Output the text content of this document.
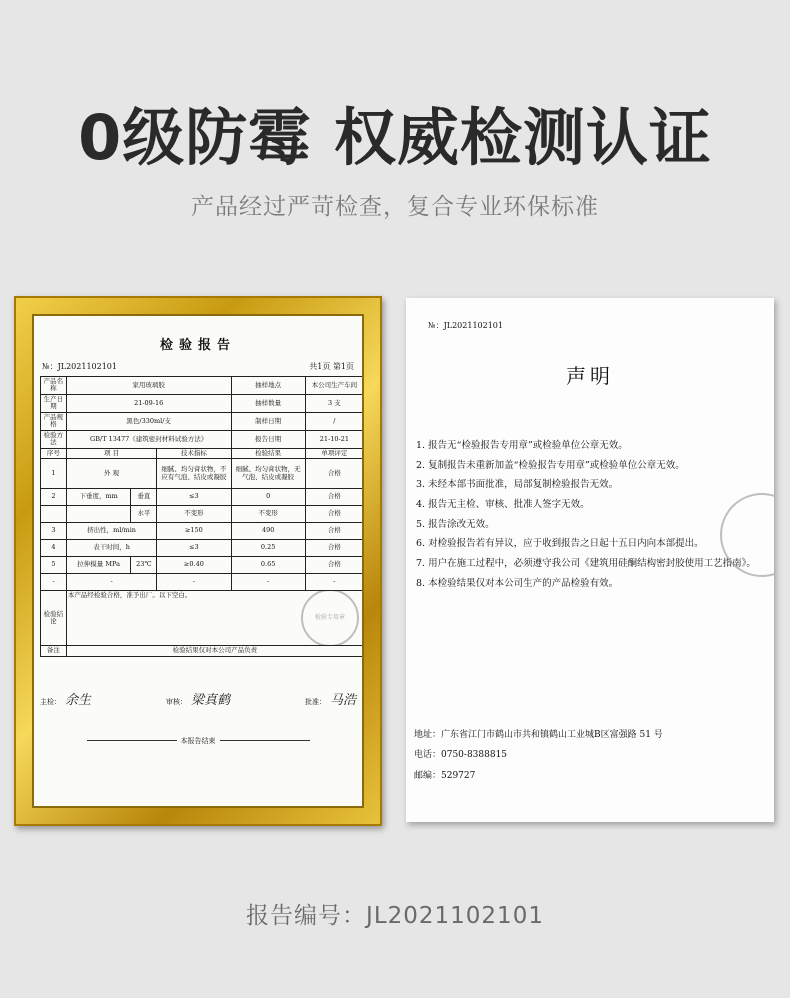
0级防霉 权威检测认证
产品经过严苛检查，复合专业环保标准
检验报告
№：JL2021102101	共1页 第1页
产品名称	家用玻璃胶			抽样地点	本公司生产车间
生产日期	21-09-16			抽样数量	3 支
产品规格	黑色/330ml/支			制样日期	/
检验方法	GB/T 13477《建筑密封材料试验方法》			报告日期	21-10-21
序号	项 目		技术指标	检验结果	单项评定
1	外 观		细腻、均匀膏状物，不应有气泡、结皮或凝胶	细腻、均匀膏状物，无气泡、结皮或凝胶	合格
2	下垂度，mm	垂直	≤3	0	合格
		水平	不变形	不变形	合格
3	挤出性，ml/min		≥150	490	合格
4	表干时间，h		≤3	0.25	合格
5	拉伸模量 MPa	23℃	≥0.40	0.65	合格
-	-		-	-	-
检验结论	本产品经检验合格，准予出厂。以下空白。
检验专用章				

备注	检验结果仅对本公司产品负责				
主检： 余生	审核： 梁真鹤	批准： 马浩
本报告结束
№：JL2021102101
声明
1. 报告无“检验报告专用章”或检验单位公章无效。
2. 复制报告未重新加盖“检验报告专用章”或检验单位公章无效。
3. 未经本部书面批准，局部复制检验报告无效。
4. 报告无主检、审核、批准人签字无效。
5. 报告涂改无效。
6. 对检验报告若有异议，应于收到报告之日起十五日内向本部提出。
7. 用户在施工过程中，必须遵守我公司《建筑用硅酮结构密封胶使用工艺指南》。
8. 本检验结果仅对本公司生产的产品检验有效。
地址：广东省江门市鹤山市共和镇鹤山工业城B区富强路 51 号
电话：0750-8388815
邮编：529727
报告编号：JL2021102101
